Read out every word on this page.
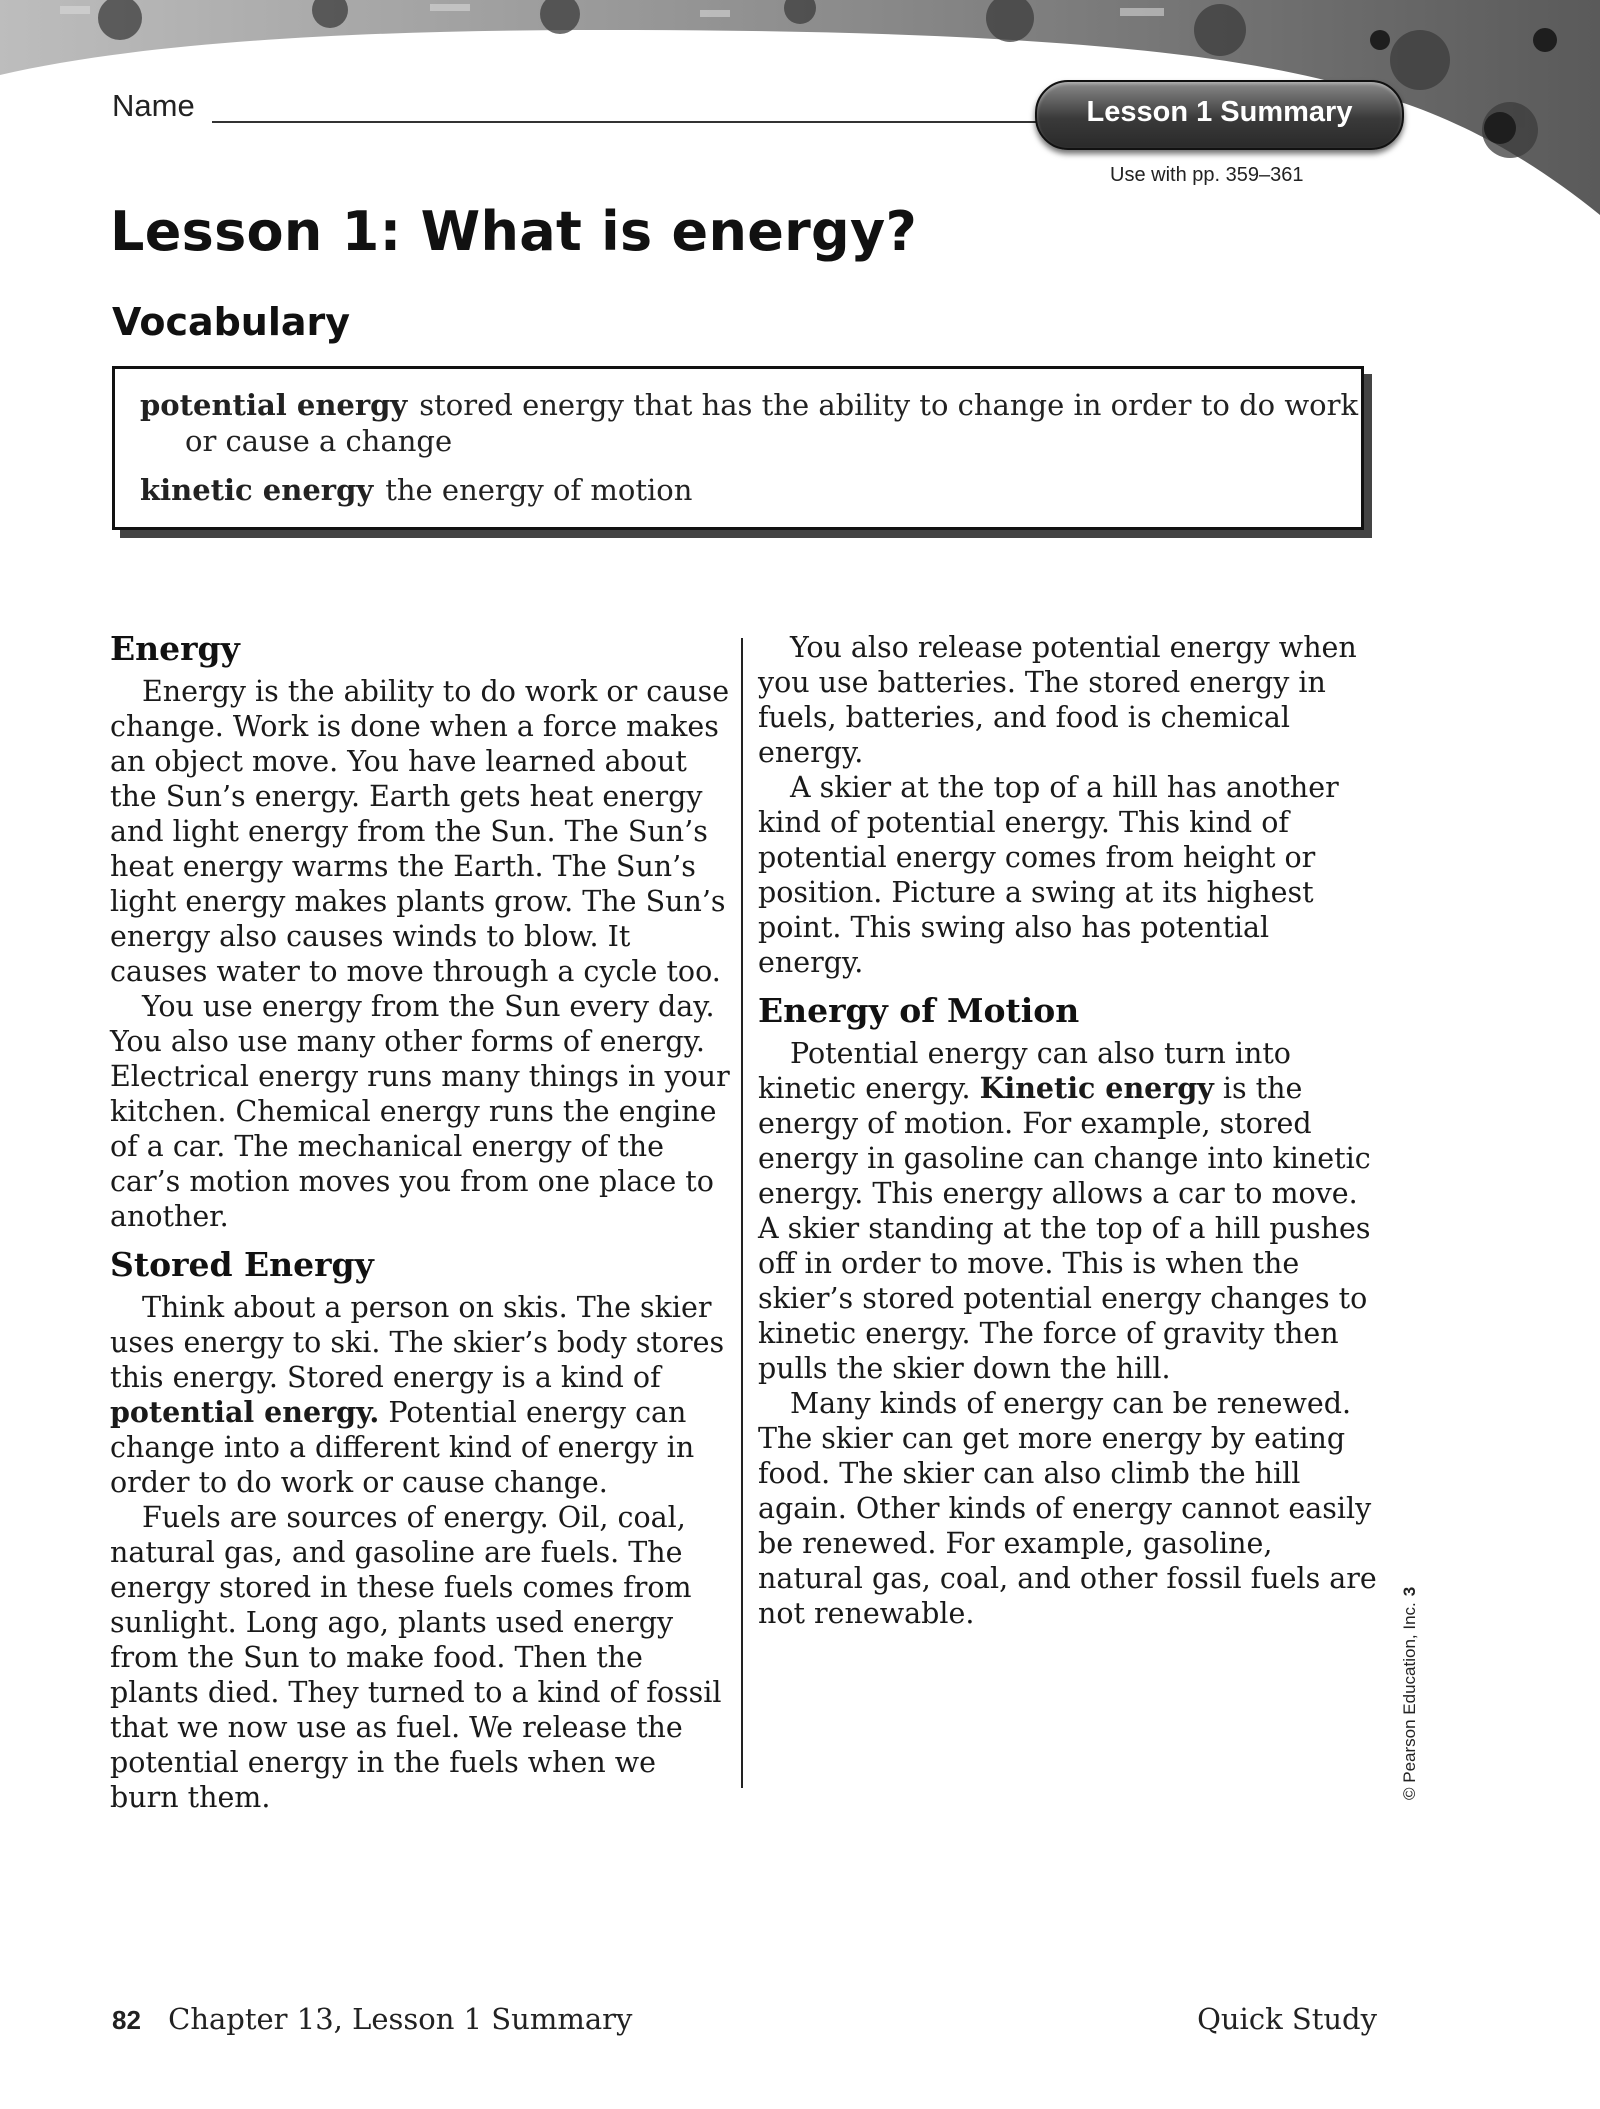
Name	Lesson 1 Summary
Use with pp. 359–361
Lesson 1: What is energy?
Vocabulary
potential energy stored energy that has the ability to change in order to do work or cause a change
kinetic energy the energy of motion
Energy

Energy is the ability to do work or cause change. Work is done when a force makes an object move. You have learned about the Sun’s energy. Earth gets heat energy and light energy from the Sun. The Sun’s heat energy warms the Earth. The Sun’s light energy makes plants grow. The Sun’s energy also causes winds to blow. It causes water to move through a cycle too.

You use energy from the Sun every day. You also use many other forms of energy. Electrical energy runs many things in your kitchen. Chemical energy runs the engine of a car. The mechanical energy of the car’s motion moves you from one place to another.

Stored Energy

Think about a person on skis. The skier uses energy to ski. The skier’s body stores this energy. Stored energy is a kind of potential energy. Potential energy can change into a different kind of energy in order to do work or cause change.

Fuels are sources of energy. Oil, coal, natural gas, and gasoline are fuels. The energy stored in these fuels comes from sunlight. Long ago, plants used energy from the Sun to make food. Then the plants died. They turned to a kind of fossil that we now use as fuel. We release the potential energy in the fuels when we burn them.

You also release potential energy when you use batteries. The stored energy in fuels, batteries, and food is chemical energy.

A skier at the top of a hill has another kind of potential energy. This kind of potential energy comes from height or position. Picture a swing at its highest point. This swing also has potential energy.

Energy of Motion

Potential energy can also turn into kinetic energy. Kinetic energy is the energy of motion. For example, stored energy in gasoline can change into kinetic energy. This energy allows a car to move. A skier standing at the top of a hill pushes off in order to move. This is when the skier’s stored potential energy changes to kinetic energy. The force of gravity then pulls the skier down the hill.

Many kinds of energy can be renewed. The skier can get more energy by eating food. The skier can also climb the hill again. Other kinds of energy cannot easily be renewed. For example, gasoline, natural gas, coal, and other fossil fuels are not renewable.	© Pearson Education, Inc.3
82 Chapter 13, Lesson 1 Summary	Quick Study
